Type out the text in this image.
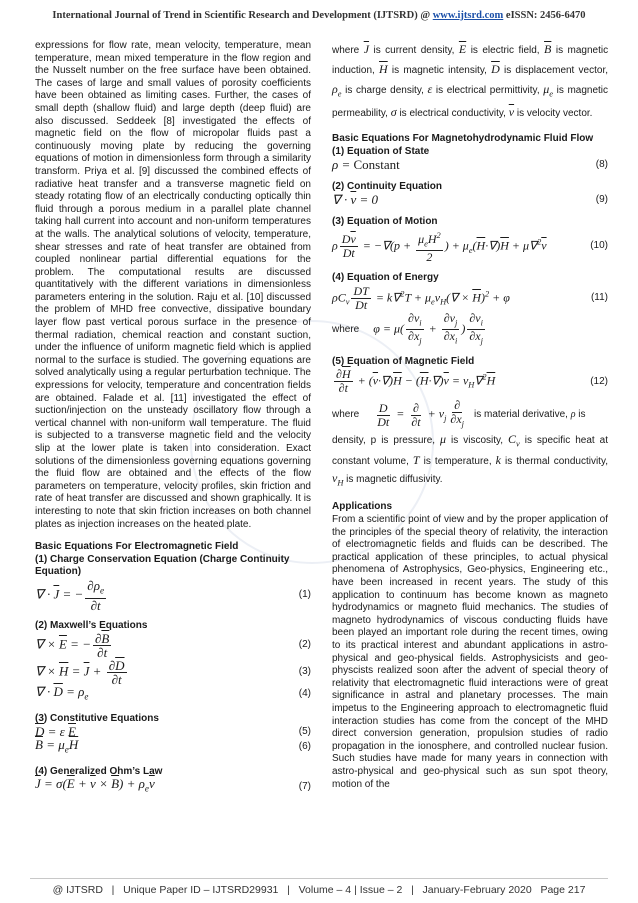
International Journal of Trend in Scientific Research and Development (IJTSRD) @ www.ijtsrd.com eISSN: 2456-6470

expressions for flow rate, mean velocity, temperature, mean temperature, mean mixed temperature in the flow region and the Nusselt number on the free surface have been obtained. The cases of large and small values of porosity coefficients have been obtained as limiting cases. Further, the cases of small depth (shallow fluid) and large depth (deep fluid) are also discussed. Seddeek [8] investigated the effects of magnetic field on the flow of micropolar fluids past a continuously moving plate by reducing the governing equations of motion in dimensionless form through a similarity transform. Priya et al. [9] discussed the combined effects of radiative heat transfer and a transverse magnetic field on steady rotating flow of an electrically conducting optically thin fluid through a porous medium in a parallel plate channel taking hall current into account and non-uniform temperatures at the walls. The analytical solutions of velocity, temperature, shear stresses and rate of heat transfer are obtained from coupled nonlinear partial differential equations for the problem. The computational results are discussed quantitatively with the different variations in dimensionless parameters entering in the solution. Raju et al. [10] discussed the problem of MHD free convective, dissipative boundary layer flow past vertical porous surface in the presence of thermal radiation, chemical reaction and constant suction, under the influence of uniform magnetic field which is applied normal to the surface is studied. The governing equations are solved analytically using a regular perturbation technique. The expressions for velocity, temperature and concentration fields are obtained. Falade et al. [11] investigated the effect of suction/injection on the unsteady oscillatory flow through a vertical channel with non-uniform wall temperature. The fluid is subjected to a transverse magnetic field and the velocity slip at the lower plate is taken into consideration. Exact solutions of the dimensionless governing equations governing the fluid flow are obtained and the effects of the flow parameters on temperature, velocity profiles, skin friction and rate of heat transfer are discussed and shown graphically. It is interesting to note that skin friction increases on both channel plates as injection increases on the heated plate.

Basic Equations For Electromagnetic Field
(1) Charge Conservation Equation (Charge Continuity Equation)
∇ · $\overline{J}$ = − $\frac{\partial\rho_e}{\partial t}$	(1)
(2) Maxwell’s Equations
∇ × $\overline{E}$ = − $\frac{\partial\overline{B}}{\partial t}$	(2)
∇ × $\overline{H} = \overline{J} + \frac{\partial\overline{D}}{\partial t}$	(3)
∇ · $\overline{D} = \rho_e$	(4)
(3) Constitutive Equations
$\overline{D} = \varepsilon$ $\overline{E}$	(5)
$\overline{B} = \mu_e\overline{H}$	(6)
(4) Generalized Ohm’s Law
$\overline{J} = \sigma(\overline{E} + \overline{v} \times \overline{B}) + \rho_e\overline{v}$	(7)

where $\overline{J}$ is current density, $\overline{E}$ is electric field, $\overline{B}$ is magnetic induction, $\overline{H}$ is magnetic intensity, $\overline{D}$ is displacement vector, $\rho_e$ is charge density, ε is electrical permittivity, $\mu_e$ is magnetic permeability, σ is electrical conductivity, $\overline{v}$ is velocity vector.

Basic Equations For Magnetohydrodynamic Fluid Flow
(1) Equation of State
ρ = Constant	(8)
(2) Continuity Equation
∇ · $\overline{v} = 0$	(9)
(3) Equation of Motion
ρ $\frac{D\overline{v}}{Dt} = -\nabla(p + \frac{\mu_eH^2}{2}$ ) + $\mu_e(\overline{H}\cdot\nabla)\overline{H} + \mu\nabla^2\overline{v}$	(10)
(4) Equation of Energy
$\rho C_v \frac{DT}{Dt} = k\nabla^2T + \mu_e\nu_H(\nabla \times \overline{H})^2 + \varphi$	(11)
where $\varphi = \mu( \frac{\partial v_i}{\partial x_j} + \frac{\partial v_j}{\partial x_i}$ ) $\frac{\partial v_i}{\partial x_j}$
(5) Equation of Magnetic Field
$\frac{\partial\overline{H}}{\partial t} + (\overline{v}\cdot\nabla)\overline{H} - (\overline{H}\cdot\nabla)\overline{v} = \nu_H\nabla^2\overline{H}$	(12)
where $\frac{D}{Dt} = \frac{\partial}{\partial t} + v_j \frac{\partial}{\partial x_j}$ is material derivative, ρ is

density, p is pressure, μ is viscosity, $C_v$ is specific heat at constant volume, T is temperature, k is thermal conductivity, $\nu_H$ is magnetic diffusivity.

Applications

From a scientific point of view and by the proper application of the principles of the special theory of relativity, the interaction of electromagnetic fields and fluids can be described. The practical application of these principles, to actual physical phenomena of Astrophysics, Geo-physics, Engineering etc., have been increased in recent years. The study of this application to continuum has become known as magneto hydrodynamics or magneto fluid mechanics. The studies of magneto hydrodynamics of viscous conducting fluids have been played an important role during the recent times, owing to its practical interest and abundant applications in astro-physical and geo-physical fields. Astrophysicists and geo-physcists realized soon after the advent of special theory of relativity that electromagnetic fluid interactions were of great significance in astral and planetary processes. The main impetus to the Engineering approach to electromagnetic fluid interaction studies has come from the concept of the MHD direct conversion generation, propulsion studies of radio propagation in the ionosphere, and controlled nuclear fusion. Such studies have made for many years in connection with astro-physical and geo-physical such as sun spot theory, motion of the

@ IJTSRD   |   Unique Paper ID – IJTSRD29931   |   Volume – 4 | Issue – 2   |   January-February 2020   Page 217
